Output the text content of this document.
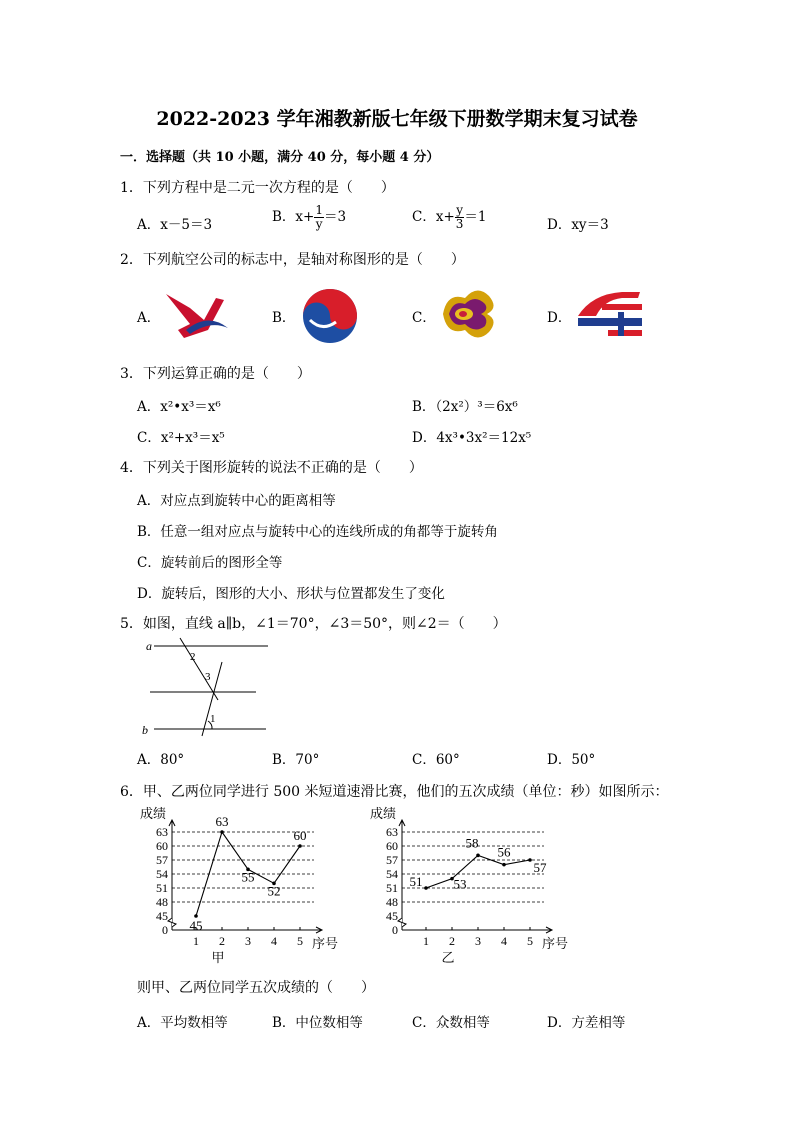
2022-2023 学年湘教新版七年级下册数学期末复习试卷
一．选择题（共 10 小题，满分 40 分，每小题 4 分）
1．下列方程中是二元一次方程的是（　　）
A．x－5＝3	B．$x+ \frac{1}{y} =3$	C．$x+ \frac{y}{3} =1$	D．xy＝3
2．下列航空公司的标志中，是轴对称图形的是（　　）
A．	B．	C．	D．
3．下列运算正确的是（　　）
A．x²•x³＝x⁶	B．（2x²）³＝6x⁶
C．x²+x³＝x⁵	D．4x³•3x²＝12x⁵
4．下列关于图形旋转的说法不正确的是（　　）
A．对应点到旋转中心的距离相等
B．任意一组对应点与旋转中心的连线所成的角都等于旋转角
C．旋转前后的图形全等
D．旋转后，图形的大小、形状与位置都发生了变化
5．如图，直线 a∥b，∠1＝70°，∠3＝50°，则∠2＝（　　）
a
b
2
3
1
A．80°	B．70°	C．60°	D．50°
6．甲、乙两位同学进行 500 米短道速滑比赛，他们的五次成绩（单位：秒）如图所示：
0
45
48
51
54
57
60
63
成绩
1 2 3 4 5 序号
甲
45
63
55
52
60
0
45
48
51
54
57
60
63
成绩
1 2 3 4 5 序号
乙
51 53
58
56
57
则甲、乙两位同学五次成绩的（　　）
A．平均数相等	B．中位数相等	C．众数相等	D．方差相等
